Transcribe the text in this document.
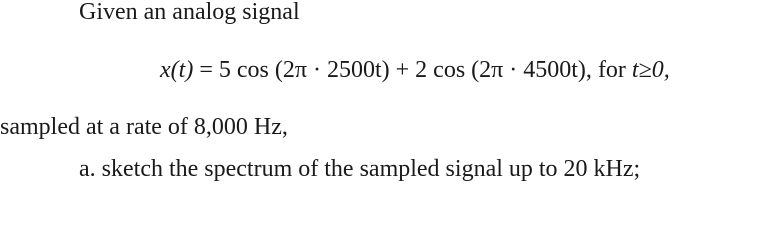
Given an analog signal
x(t) = 5 cos (2π · 2500t) + 2 cos (2π · 4500t), for t≥0,
sampled at a rate of 8,000 Hz,
a. sketch the spectrum of the sampled signal up to 20 kHz;
